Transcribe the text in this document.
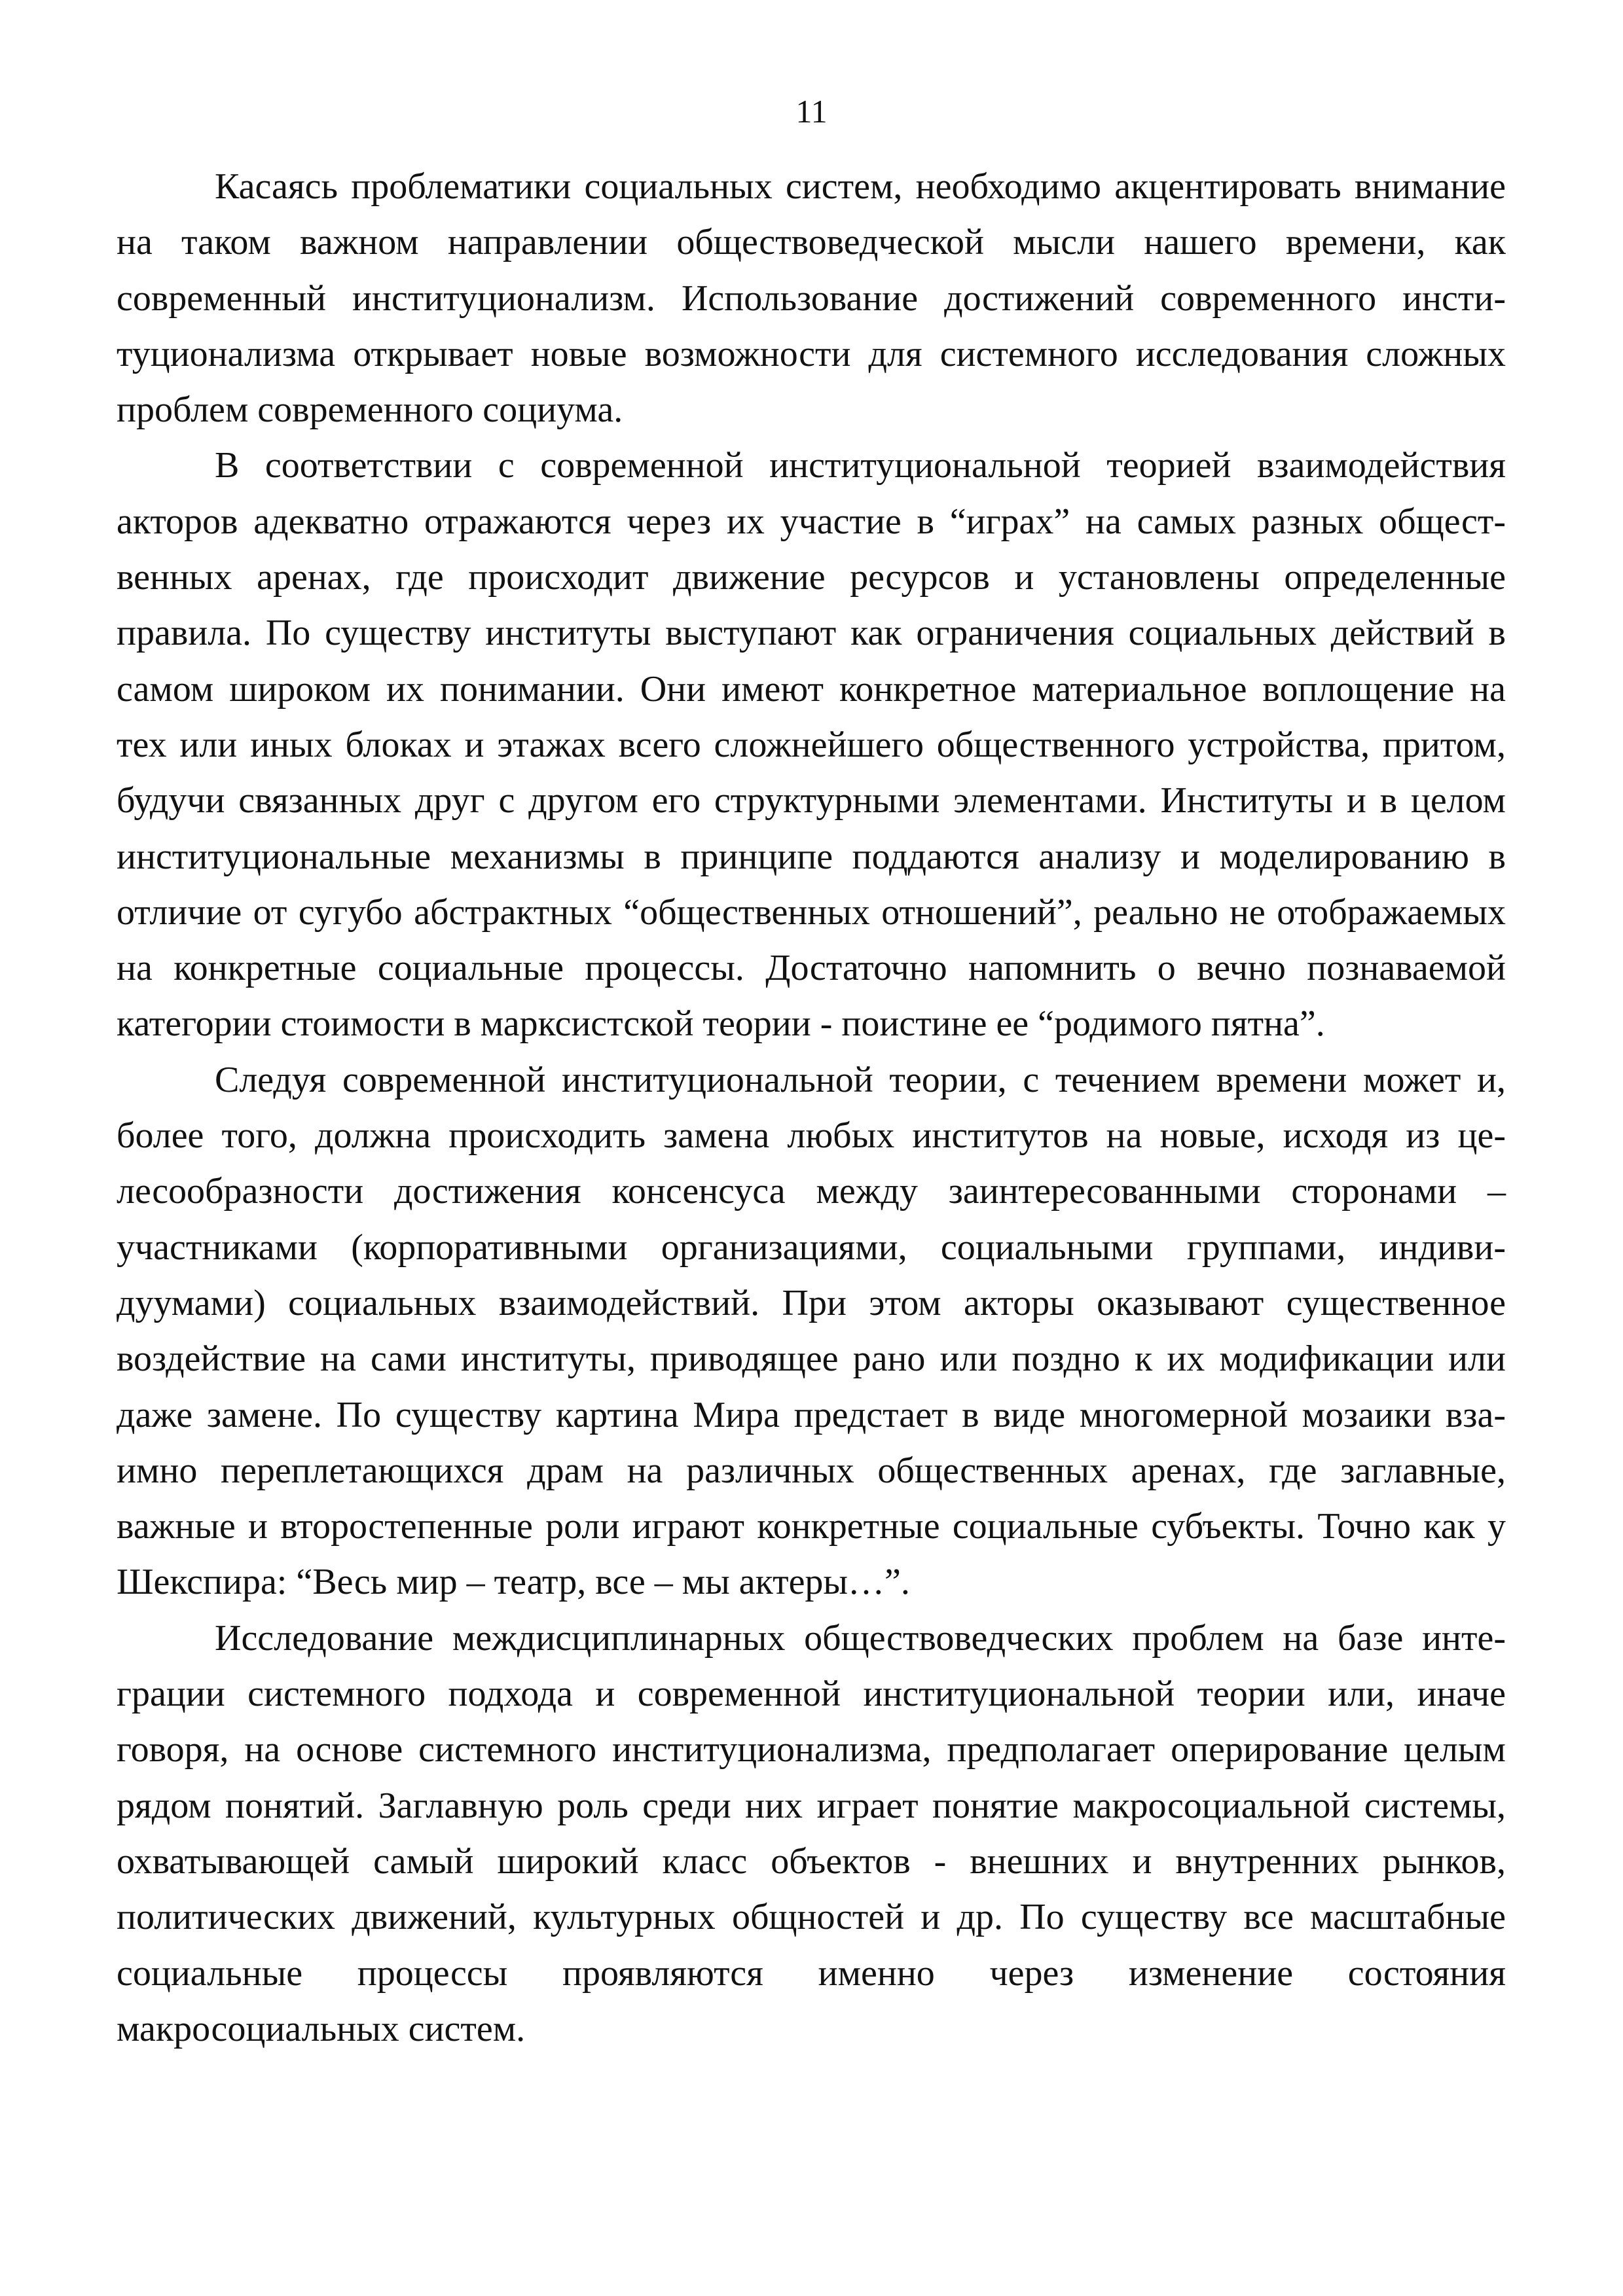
11

Касаясь проблематики социальных систем, необходимо акцентировать внимание на таком важном направлении обществоведческой мысли нашего времени, как современный институционализм. Использование достижений современного институционализма открывает новые возможности для системного исследования сложных проблем современного социума.

В соответствии с современной институциональной теорией взаимодействия акторов адекватно отражаются через их участие в “играх” на самых разных общественных аренах, где происходит движение ресурсов и установлены определенные правила. По существу институты выступают как ограничения социальных действий в самом широком их понимании. Они имеют конкретное материальное воплощение на тех или иных блоках и этажах всего сложнейшего общественного устройства, притом, будучи связанных друг с другом его структурными элементами. Институты и в целом институциональные механизмы в принципе поддаются анализу и моделированию в отличие от сугубо абстрактных “общественных отношений”, реально не отображаемых на конкретные социальные процессы. Достаточно напомнить о вечно познаваемой категории стоимости в марксистской теории - поистине ее “родимого пятна”.

Следуя современной институциональной теории, с течением времени может и, более того, должна происходить замена любых институтов на новые, исходя из целесообразности достижения консенсуса между заинтересованными сторонами – участниками (корпоративными организациями, социальными группами, индивидуумами) социальных взаимодействий. При этом акторы оказывают существенное воздействие на сами институты, приводящее рано или поздно к их модификации или даже замене. По существу картина Мира предстает в виде многомерной мозаики взаимно переплетающихся драм на различных общественных аренах, где заглавные, важные и второстепенные роли играют конкретные социальные субъекты. Точно как у Шекспира: “Весь мир – театр, все – мы актеры…”.

Исследование междисциплинарных обществоведческих проблем на базе интеграции системного подхода и современной институциональной теории или, иначе говоря, на основе системного институционализма, предполагает оперирование целым рядом понятий. Заглавную роль среди них играет понятие макросоциальной системы, охватывающей самый широкий класс объектов - внешних и внутренних рынков, политических движений, культурных общностей и др. По существу все масштабные социальные процессы проявляются именно через изменение состояния макросоциальных систем.
